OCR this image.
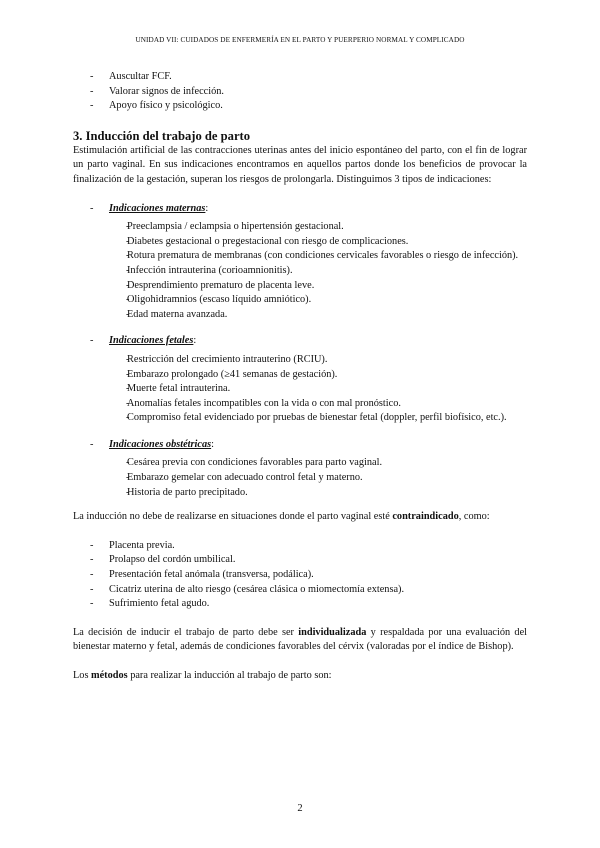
UNIDAD VII: CUIDADOS DE ENFERMERÍA EN EL PARTO Y PUERPERIO NORMAL Y COMPLICADO
- Auscultar FCF.
- Valorar signos de infección.
- Apoyo físico y psicológico.
3. Inducción del trabajo de parto

Estimulación artificial de las contracciones uterinas antes del inicio espontáneo del parto, con el fin de lograr un parto vaginal. En sus indicaciones encontramos en aquellos partos donde los beneficios de provocar la finalización de la gestación, superan los riesgos de prolongarla. Distinguimos 3 tipos de indicaciones:

- Indicaciones maternas:
- Preeclampsia / eclampsia o hipertensión gestacional.
- Diabetes gestacional o pregestacional con riesgo de complicaciones.
- Rotura prematura de membranas (con condiciones cervicales favorables o riesgo de infección).
- Infección intrauterina (corioamnionitis).
- Desprendimiento prematuro de placenta leve.
- Oligohidramnios (escaso líquido amniótico).
- Edad materna avanzada.
- Indicaciones fetales:
- Restricción del crecimiento intrauterino (RCIU).
- Embarazo prolongado (≥41 semanas de gestación).
- Muerte fetal intrauterina.
- Anomalías fetales incompatibles con la vida o con mal pronóstico.
- Compromiso fetal evidenciado por pruebas de bienestar fetal (doppler, perfil biofísico, etc.).
- Indicaciones obstétricas:
- Cesárea previa con condiciones favorables para parto vaginal.
- Embarazo gemelar con adecuado control fetal y materno.
- Historia de parto precipitado.

La inducción no debe de realizarse en situaciones donde el parto vaginal esté contraindicado, como:

- Placenta previa.
- Prolapso del cordón umbilical.
- Presentación fetal anómala (transversa, podálica).
- Cicatriz uterina de alto riesgo (cesárea clásica o miomectomía extensa).
- Sufrimiento fetal agudo.

La decisión de inducir el trabajo de parto debe ser individualizada y respaldada por una evaluación del bienestar materno y fetal, además de condiciones favorables del cérvix (valoradas por el índice de Bishop).

Los métodos para realizar la inducción al trabajo de parto son:

2
